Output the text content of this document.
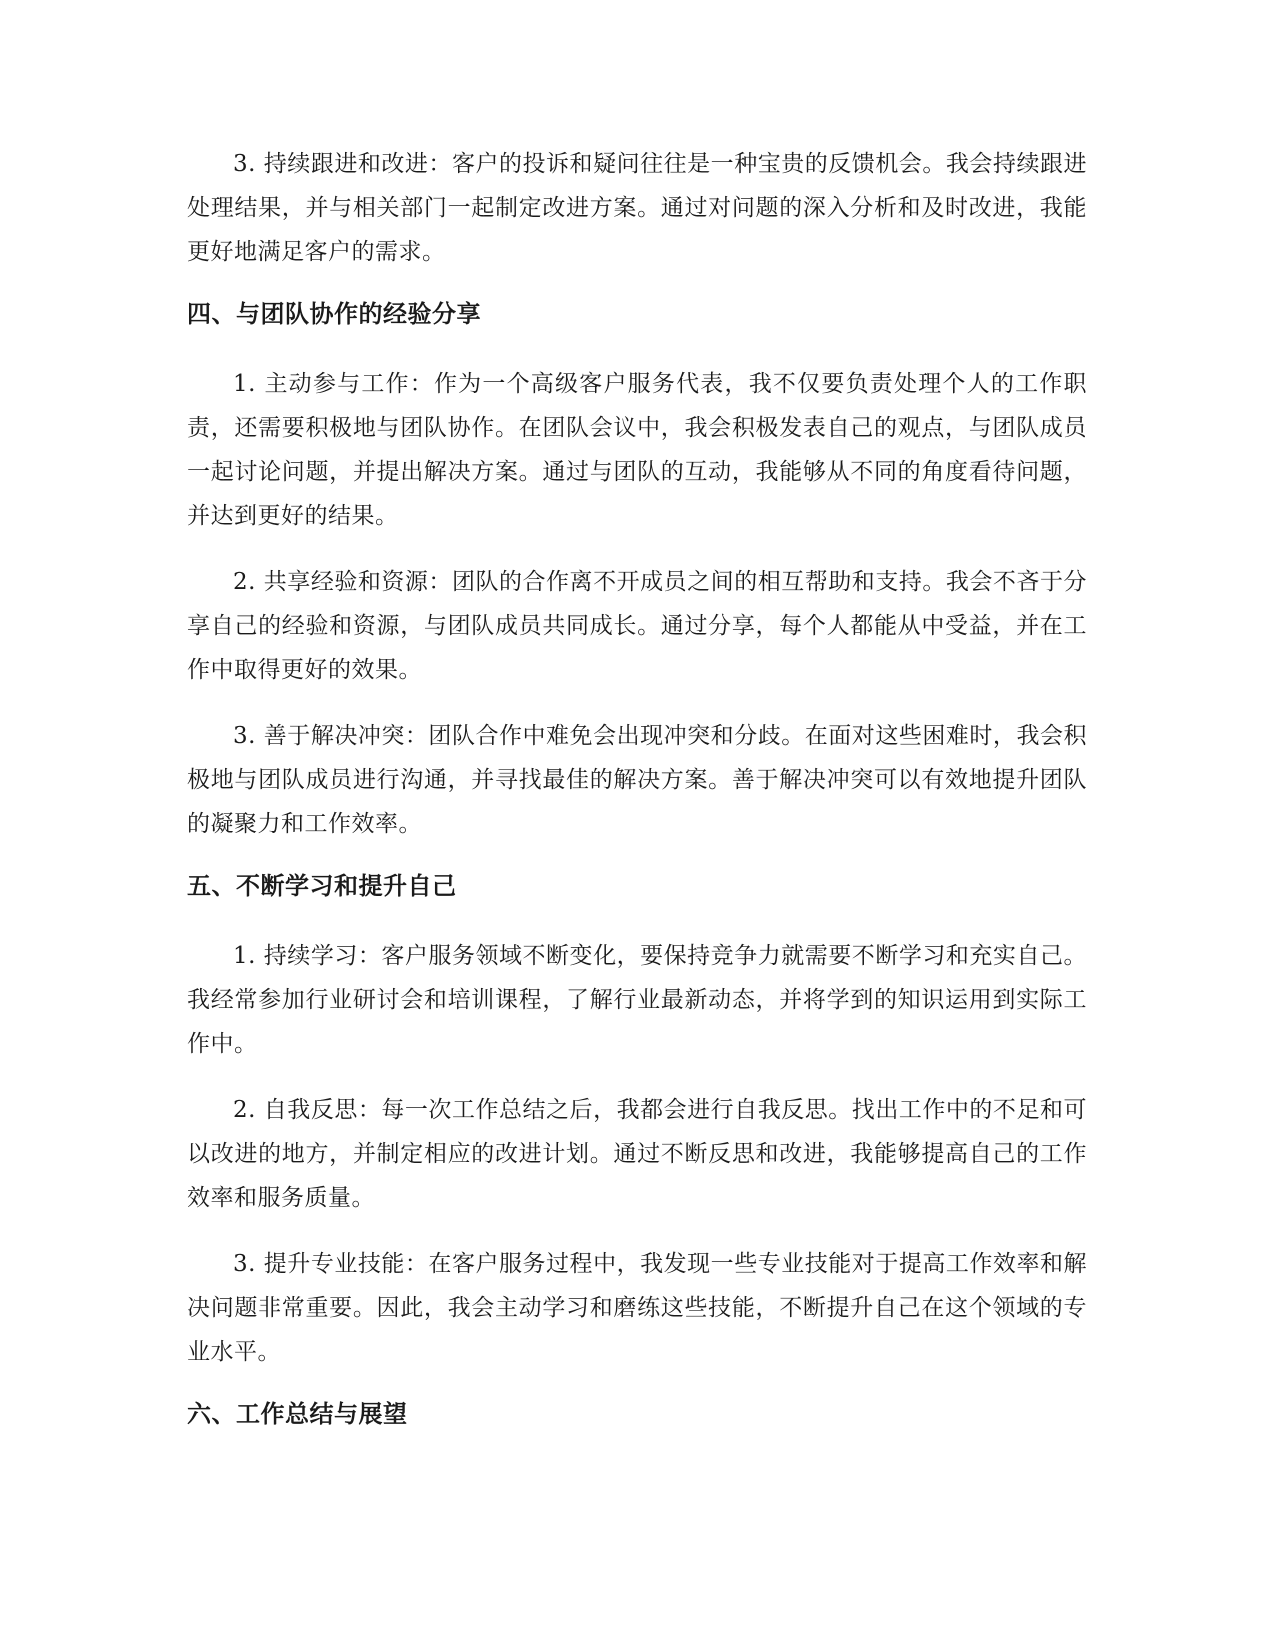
3. 持续跟进和改进：客户的投诉和疑问往往是一种宝贵的反馈机会。我会持续跟进处理结果，并与相关部门一起制定改进方案。通过对问题的深入分析和及时改进，我能更好地满足客户的需求。

四、与团队协作的经验分享

1. 主动参与工作：作为一个高级客户服务代表，我不仅要负责处理个人的工作职责，还需要积极地与团队协作。在团队会议中，我会积极发表自己的观点，与团队成员一起讨论问题，并提出解决方案。通过与团队的互动，我能够从不同的角度看待问题，并达到更好的结果。

2. 共享经验和资源：团队的合作离不开成员之间的相互帮助和支持。我会不吝于分享自己的经验和资源，与团队成员共同成长。通过分享，每个人都能从中受益，并在工作中取得更好的效果。

3. 善于解决冲突：团队合作中难免会出现冲突和分歧。在面对这些困难时，我会积极地与团队成员进行沟通，并寻找最佳的解决方案。善于解决冲突可以有效地提升团队的凝聚力和工作效率。

五、不断学习和提升自己

1. 持续学习：客户服务领域不断变化，要保持竞争力就需要不断学习和充实自己。我经常参加行业研讨会和培训课程，了解行业最新动态，并将学到的知识运用到实际工作中。

2. 自我反思：每一次工作总结之后，我都会进行自我反思。找出工作中的不足和可以改进的地方，并制定相应的改进计划。通过不断反思和改进，我能够提高自己的工作效率和服务质量。

3. 提升专业技能：在客户服务过程中，我发现一些专业技能对于提高工作效率和解决问题非常重要。因此，我会主动学习和磨练这些技能，不断提升自己在这个领域的专业水平。

六、工作总结与展望
